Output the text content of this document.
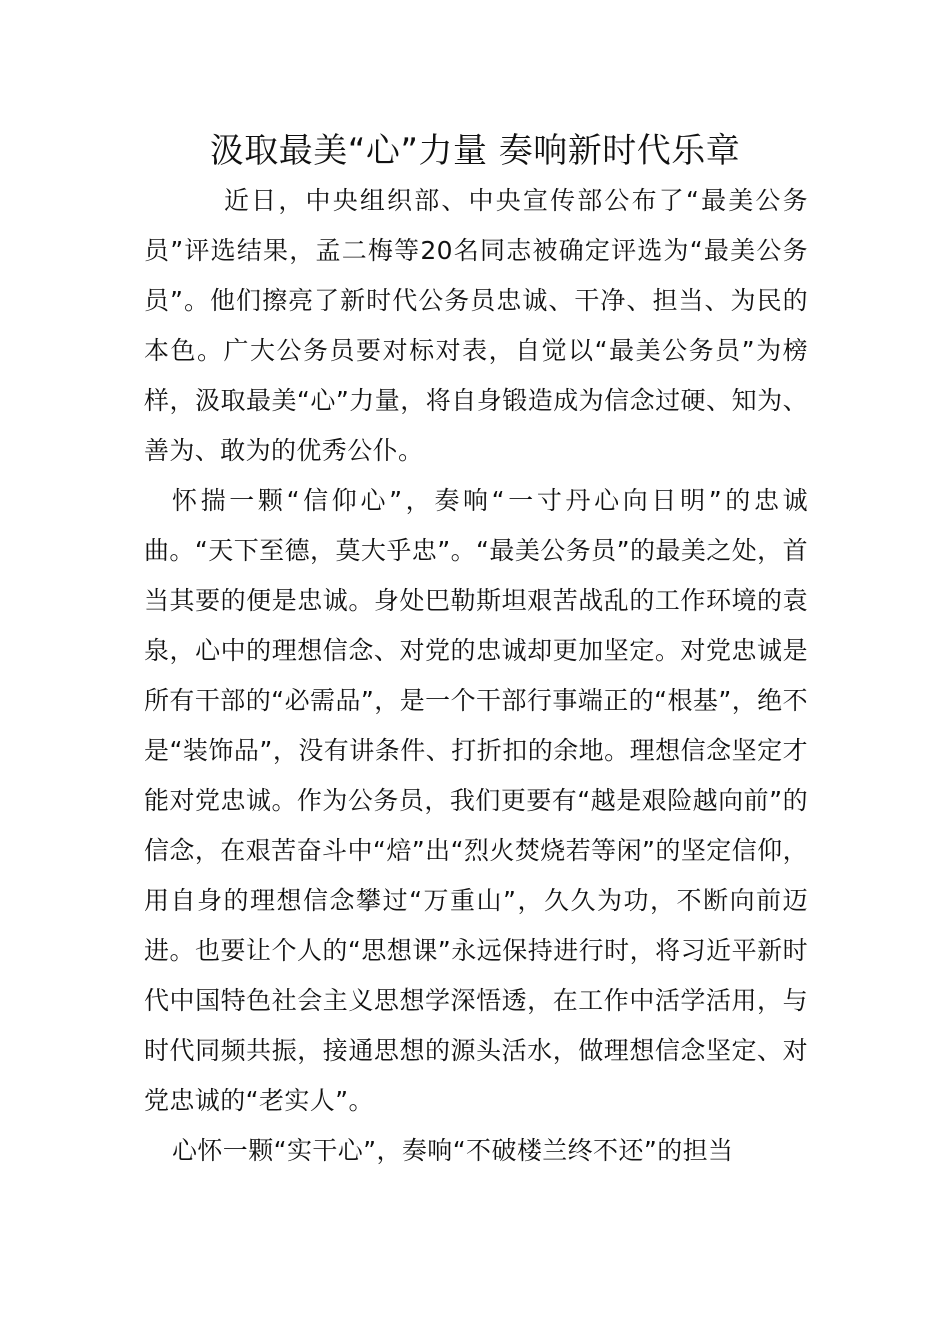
汲取最美“心”力量 奏响新时代乐章

近日，中央组织部、中央宣传部公布了“最美公务员”评选结果，孟二梅等20名同志被确定评选为“最美公务员”。他们擦亮了新时代公务员忠诚、干净、担当、为民的本色。广大公务员要对标对表，自觉以“最美公务员”为榜样，汲取最美“心”力量，将自身锻造成为信念过硬、知为、善为、敢为的优秀公仆。

怀揣一颗“信仰心”，奏响“一寸丹心向日明”的忠诚曲。“天下至德，莫大乎忠”。“最美公务员”的最美之处，首当其要的便是忠诚。身处巴勒斯坦艰苦战乱的工作环境的袁泉，心中的理想信念、对党的忠诚却更加坚定。对党忠诚是所有干部的“必需品”，是一个干部行事端正的“根基”，绝不是“装饰品”，没有讲条件、打折扣的余地。理想信念坚定才能对党忠诚。作为公务员，我们更要有“越是艰险越向前”的信念，在艰苦奋斗中“焙”出“烈火焚烧若等闲”的坚定信仰，用自身的理想信念攀过“万重山”，久久为功，不断向前迈进。也要让个人的“思想课”永远保持进行时，将习近平新时代中国特色社会主义思想学深悟透，在工作中活学活用，与时代同频共振，接通思想的源头活水，做理想信念坚定、对党忠诚的“老实人”。

心怀一颗“实干心”，奏响“不破楼兰终不还”的担当
